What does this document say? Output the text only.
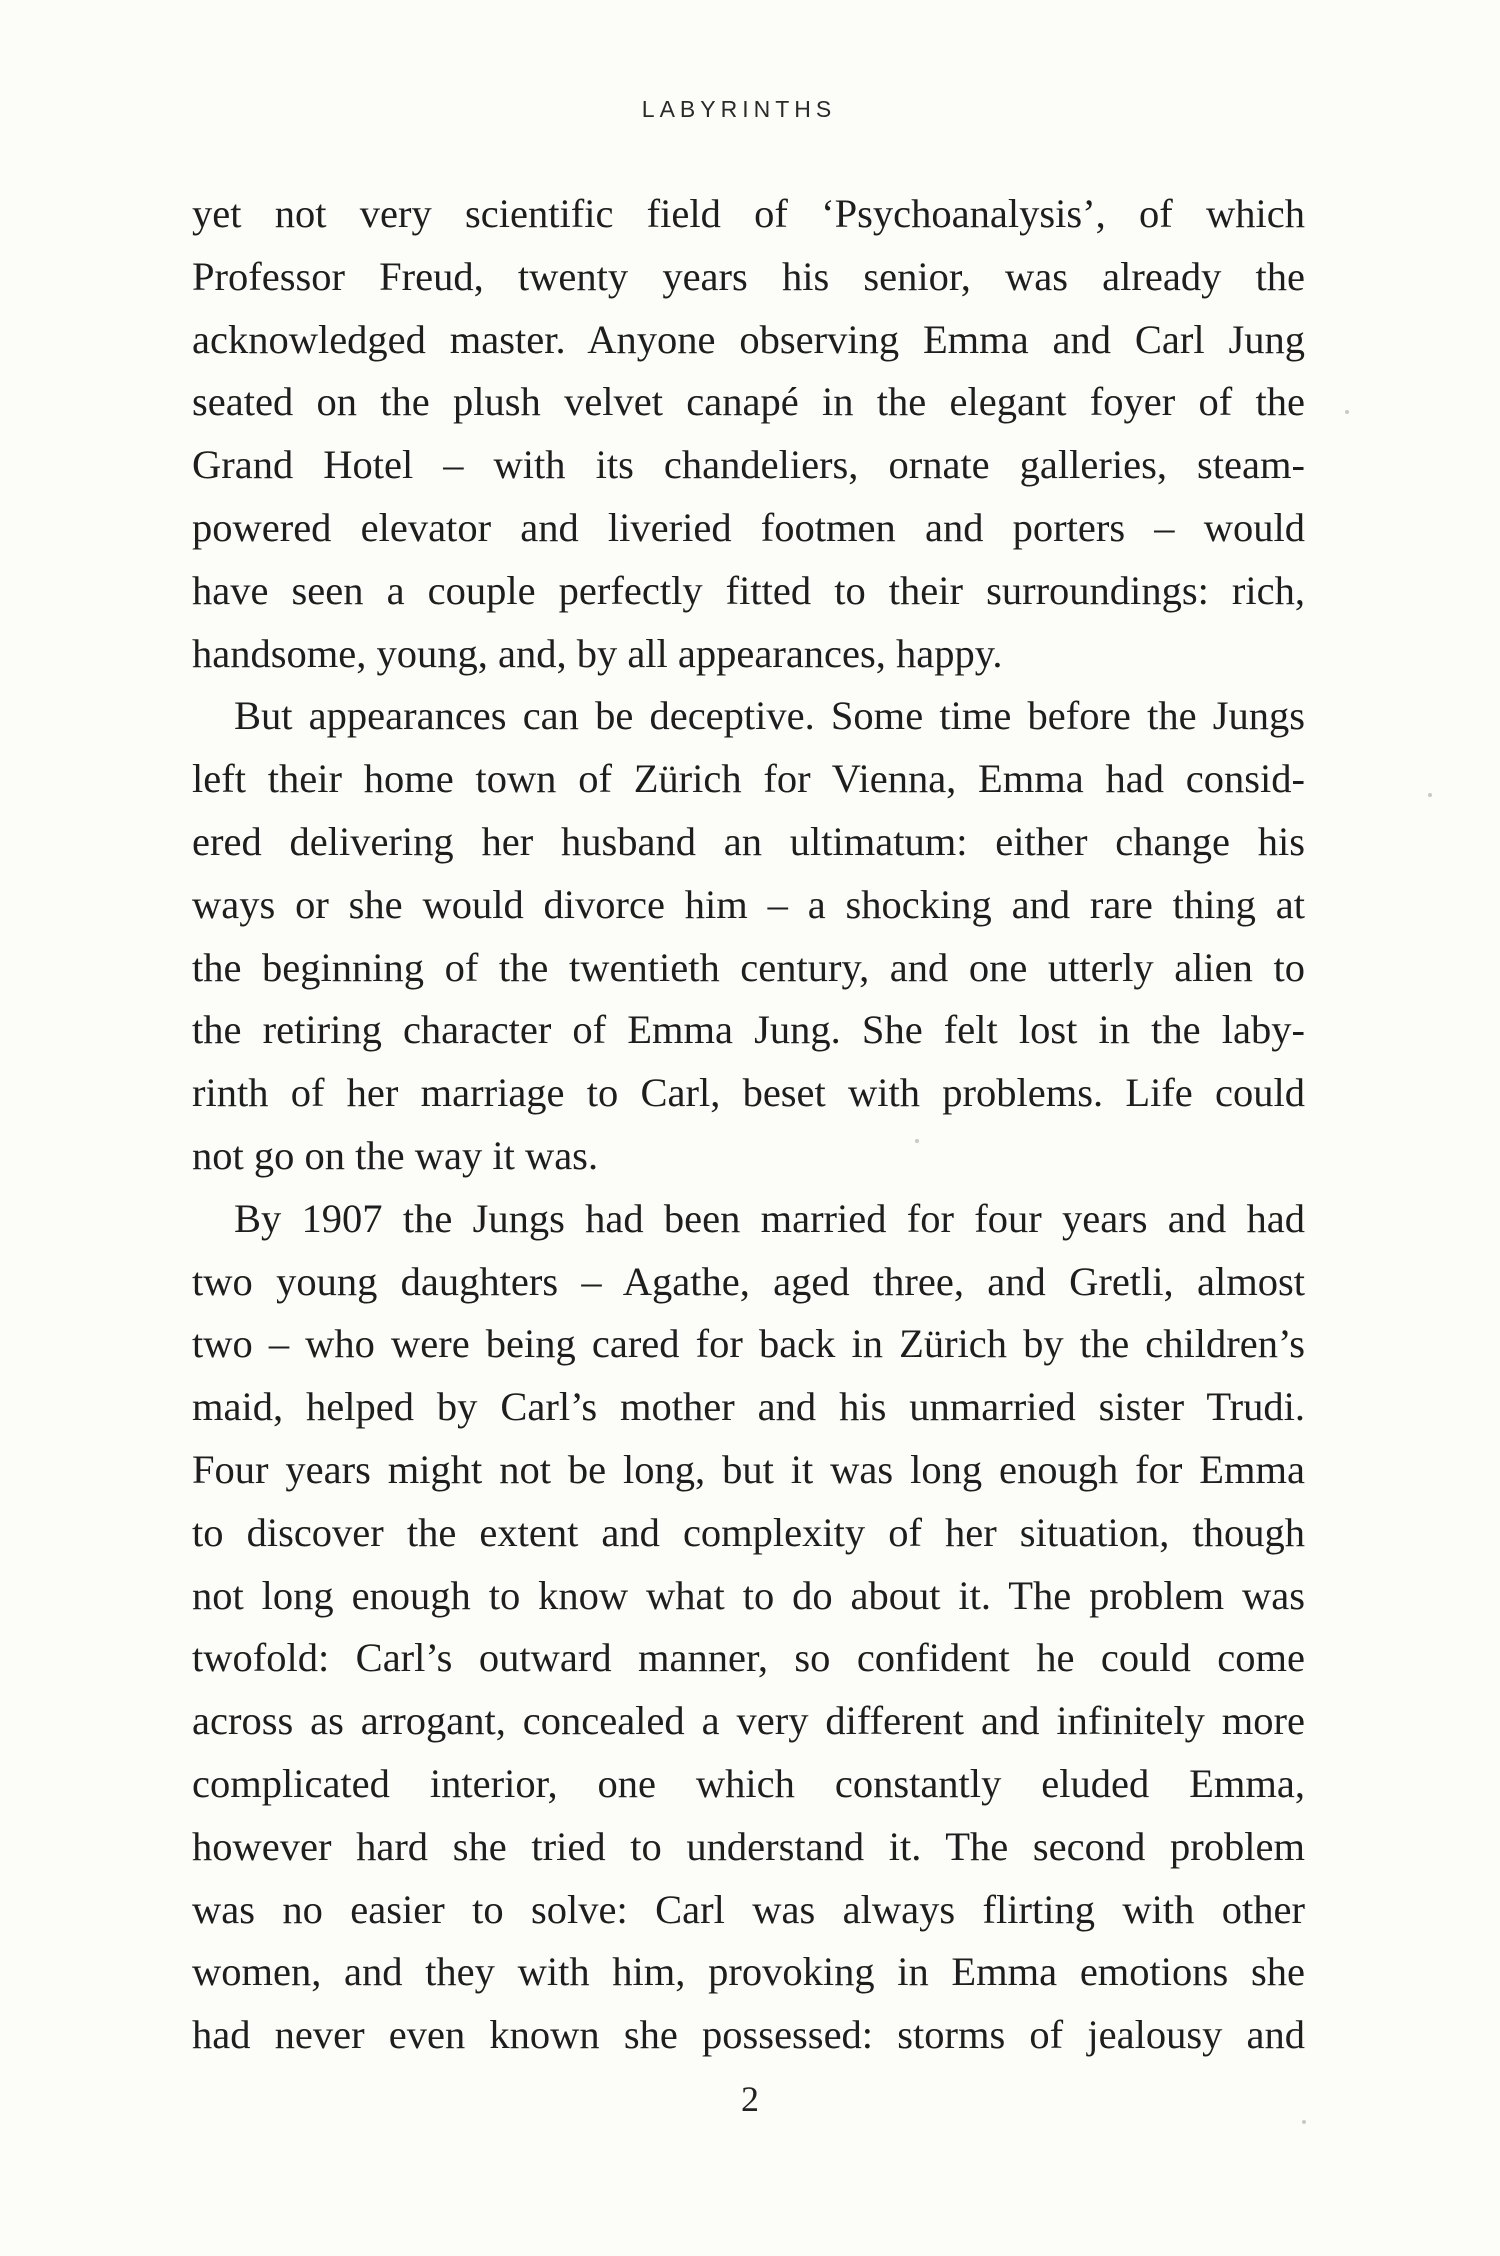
LABYRINTHS
yet not very scientific field of ‘Psychoanalysis’, of which
Professor Freud, twenty years his senior, was already the
acknowledged master. Anyone observing Emma and Carl Jung
seated on the plush velvet canapé in the elegant foyer of the
Grand Hotel – with its chandeliers, ornate galleries, steam-
powered elevator and liveried footmen and porters – would
have seen a couple perfectly fitted to their surroundings: rich,
handsome, young, and, by all appearances, happy.
But appearances can be deceptive. Some time before the Jungs
left their home town of Zürich for Vienna, Emma had consid-
ered delivering her husband an ultimatum: either change his
ways or she would divorce him – a shocking and rare thing at
the beginning of the twentieth century, and one utterly alien to
the retiring character of Emma Jung. She felt lost in the laby-
rinth of her marriage to Carl, beset with problems. Life could
not go on the way it was.
By 1907 the Jungs had been married for four years and had
two young daughters – Agathe, aged three, and Gretli, almost
two – who were being cared for back in Zürich by the children’s
maid, helped by Carl’s mother and his unmarried sister Trudi.
Four years might not be long, but it was long enough for Emma
to discover the extent and complexity of her situation, though
not long enough to know what to do about it. The problem was
twofold: Carl’s outward manner, so confident he could come
across as arrogant, concealed a very different and infinitely more
complicated interior, one which constantly eluded Emma,
however hard she tried to understand it. The second problem
was no easier to solve: Carl was always flirting with other
women, and they with him, provoking in Emma emotions she
had never even known she possessed: storms of jealousy and
2
